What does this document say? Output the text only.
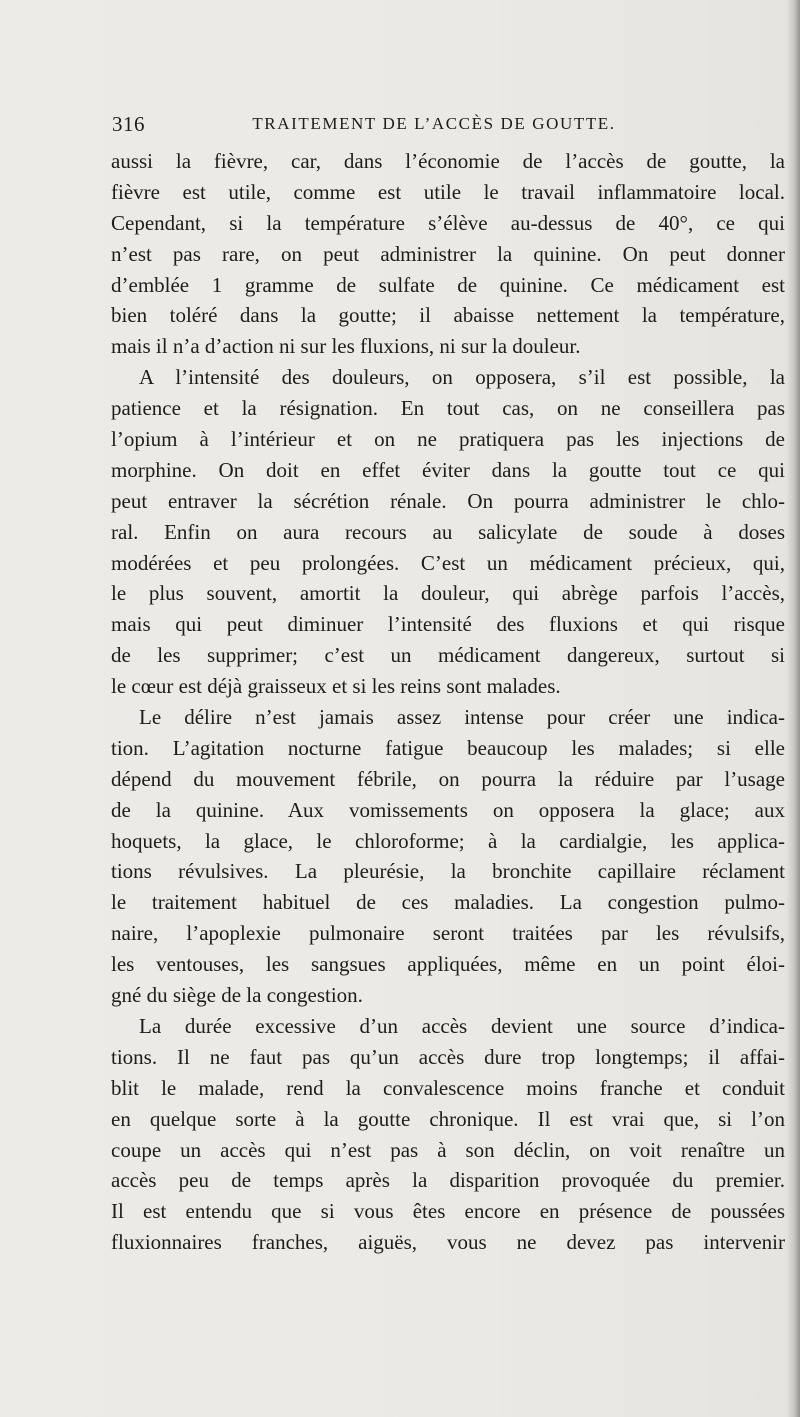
316	TRAITEMENT DE L’ACCÈS DE GOUTTE.
aussi la fièvre, car, dans l’économie de l’accès de goutte, la
fièvre est utile, comme est utile le travail inflammatoire local.
Cependant, si la température s’élève au-dessus de 40°, ce qui
n’est pas rare, on peut administrer la quinine. On peut donner
d’emblée 1 gramme de sulfate de quinine. Ce médicament est
bien toléré dans la goutte; il abaisse nettement la température,
mais il n’a d’action ni sur les fluxions, ni sur la douleur.
A l’intensité des douleurs, on opposera, s’il est possible, la
patience et la résignation. En tout cas, on ne conseillera pas
l’opium à l’intérieur et on ne pratiquera pas les injections de
morphine. On doit en effet éviter dans la goutte tout ce qui
peut entraver la sécrétion rénale. On pourra administrer le chlo-
ral. Enfin on aura recours au salicylate de soude à doses
modérées et peu prolongées. C’est un médicament précieux, qui,
le plus souvent, amortit la douleur, qui abrège parfois l’accès,
mais qui peut diminuer l’intensité des fluxions et qui risque
de les supprimer; c’est un médicament dangereux, surtout si
le cœur est déjà graisseux et si les reins sont malades.
Le délire n’est jamais assez intense pour créer une indica-
tion. L’agitation nocturne fatigue beaucoup les malades; si elle
dépend du mouvement fébrile, on pourra la réduire par l’usage
de la quinine. Aux vomissements on opposera la glace; aux
hoquets, la glace, le chloroforme; à la cardialgie, les applica-
tions révulsives. La pleurésie, la bronchite capillaire réclament
le traitement habituel de ces maladies. La congestion pulmo-
naire, l’apoplexie pulmonaire seront traitées par les révulsifs,
les ventouses, les sangsues appliquées, même en un point éloi-
gné du siège de la congestion.
La durée excessive d’un accès devient une source d’indica-
tions. Il ne faut pas qu’un accès dure trop longtemps; il affai-
blit le malade, rend la convalescence moins franche et conduit
en quelque sorte à la goutte chronique. Il est vrai que, si l’on
coupe un accès qui n’est pas à son déclin, on voit renaître un
accès peu de temps après la disparition provoquée du premier.
Il est entendu que si vous êtes encore en présence de poussées
fluxionnaires franches, aiguës, vous ne devez pas intervenir
